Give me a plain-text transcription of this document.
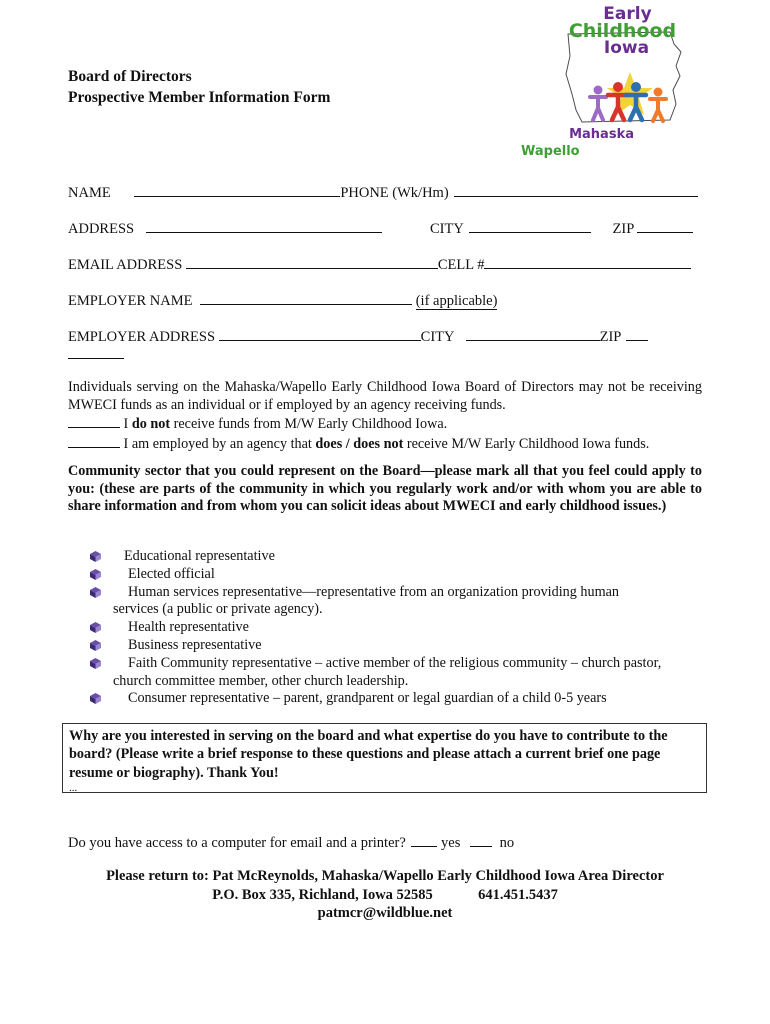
Board of Directors
Prospective Member Information Form
Early
Childhood
Iowa
Mahaska
Wapello
NAME	PHONE (Wk/Hm)
ADDRESS	CITY	ZIP
EMAIL ADDRESS	CELL #
EMPLOYER NAME	(if applicable)
EMPLOYER ADDRESS	CITY	ZIP
Individuals serving on the Mahaska/Wapello Early Childhood Iowa Board of Directors may not be receiving MWECI funds as an individual or if employed by an agency receiving funds.
I do not receive funds from M/W Early Childhood Iowa.
I am employed by an agency that does / does not receive M/W Early Childhood Iowa funds.
Community sector that you could represent on the Board—please mark all that you feel could apply to you: (these are parts of the community in which you regularly work and/or with whom you are able to share information and from whom you can solicit ideas about MWECI and early childhood issues.)
Educational representative
Elected official
Human services representative—representative from an organization providing human
services (a public or private agency).
Health representative
Business representative
Faith Community representative – active member of the religious community – church pastor,
church committee member, other church leadership.
Consumer representative – parent, grandparent or legal guardian of a child 0-5 years
Why are you interested in serving on the board and what expertise do you have to contribute to the board? (Please write a brief response to these questions and please attach a current brief one page resume or biography). Thank You!
...
Do you have access to a computer for email and a printer? yes	no
Please return to: Pat McReynolds, Mahaska/Wapello Early Childhood Iowa Area Director
P.O. Box 335, Richland, Iowa 52585	641.451.5437
patmcr@wildblue.net
